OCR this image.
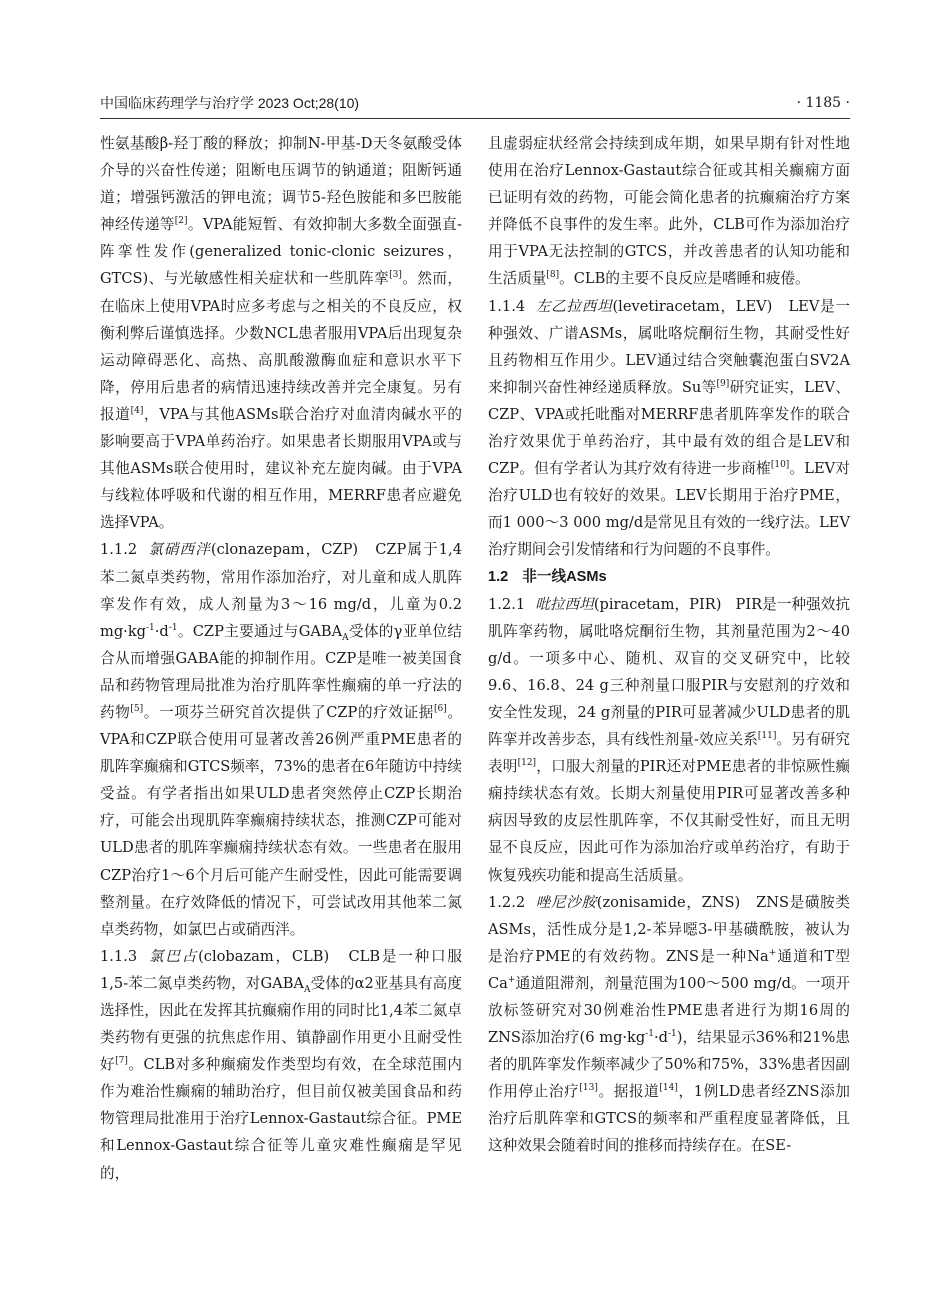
中国临床药理学与治疗学 2023 Oct;28(10)	· 1185 ·

性氨基酸β-羟丁酸的释放；抑制N-甲基-D天冬氨酸受体介导的兴奋性传递；阻断电压调节的钠通道；阻断钙通道；增强钙激活的钾电流；调节5-羟色胺能和多巴胺能神经传递等[2]。VPA能短暂、有效抑制大多数全面强直-阵挛性发作(generalized tonic-clonic seizures，GTCS)、与光敏感性相关症状和一些肌阵挛[3]。然而，在临床上使用VPA时应多考虑与之相关的不良反应，权衡利弊后谨慎选择。少数NCL患者服用VPA后出现复杂运动障碍恶化、高热、高肌酸激酶血症和意识水平下降，停用后患者的病情迅速持续改善并完全康复。另有报道[4]，VPA与其他ASMs联合治疗对血清肉碱水平的影响要高于VPA单药治疗。如果患者长期服用VPA或与其他ASMs联合使用时，建议补充左旋肉碱。由于VPA与线粒体呼吸和代谢的相互作用，MERRF患者应避免选择VPA。

1.1.2 氯硝西泮(clonazepam，CZP) CZP属于1,4苯二氮卓类药物，常用作添加治疗，对儿童和成人肌阵挛发作有效，成人剂量为3～16 mg/d，儿童为0.2 $mg\cdot kg^{-1}\cdot d^{-1}$。CZP主要通过与$GABA_A$受体的γ亚单位结合从而增强GABA能的抑制作用。CZP是唯一被美国食品和药物管理局批准为治疗肌阵挛性癫痫的单一疗法的药物[5]。一项芬兰研究首次提供了CZP的疗效证据[6]。VPA和CZP联合使用可显著改善26例严重PME患者的肌阵挛癫痫和GTCS频率，73%的患者在6年随访中持续受益。有学者指出如果ULD患者突然停止CZP长期治疗，可能会出现肌阵挛癫痫持续状态，推测CZP可能对ULD患者的肌阵挛癫痫持续状态有效。一些患者在服用CZP治疗1～6个月后可能产生耐受性，因此可能需要调整剂量。在疗效降低的情况下，可尝试改用其他苯二氮卓类药物，如氯巴占或硝西泮。

1.1.3 氯巴占(clobazam，CLB) CLB是一种口服1,5-苯二氮卓类药物，对$GABA_A$受体的α2亚基具有高度选择性，因此在发挥其抗癫痫作用的同时比1,4苯二氮卓类药物有更强的抗焦虑作用、镇静副作用更小且耐受性好[7]。CLB对多种癫痫发作类型均有效，在全球范围内作为难治性癫痫的辅助治疗，但目前仅被美国食品和药物管理局批准用于治疗Lennox-Gastaut综合征。PME和Lennox-Gastaut综合征等儿童灾难性癫痫是罕见的，

且虚弱症状经常会持续到成年期，如果早期有针对性地使用在治疗Lennox-Gastaut综合征或其相关癫痫方面已证明有效的药物，可能会简化患者的抗癫痫治疗方案并降低不良事件的发生率。此外，CLB可作为添加治疗用于VPA无法控制的GTCS，并改善患者的认知功能和生活质量[8]。CLB的主要不良反应是嗜睡和疲倦。

1.1.4 左乙拉西坦(levetiracetam，LEV) LEV是一种强效、广谱ASMs，属吡咯烷酮衍生物，其耐受性好且药物相互作用少。LEV通过结合突触囊泡蛋白SV2A来抑制兴奋性神经递质释放。Su等[9]研究证实，LEV、CZP、VPA或托吡酯对MERRF患者肌阵挛发作的联合治疗效果优于单药治疗，其中最有效的组合是LEV和CZP。但有学者认为其疗效有待进一步商榷[10]。LEV对治疗ULD也有较好的效果。LEV长期用于治疗PME，而1 000～3 000 mg/d是常见且有效的一线疗法。LEV治疗期间会引发情绪和行为问题的不良事件。

1.2 非一线ASMs

1.2.1 吡拉西坦(piracetam，PIR) PIR是一种强效抗肌阵挛药物，属吡咯烷酮衍生物，其剂量范围为2～40 g/d。一项多中心、随机、双盲的交叉研究中，比较9.6、16.8、24 g三种剂量口服PIR与安慰剂的疗效和安全性发现，24 g剂量的PIR可显著减少ULD患者的肌阵挛并改善步态，具有线性剂量-效应关系[11]。另有研究表明[12]，口服大剂量的PIR还对PME患者的非惊厥性癫痫持续状态有效。长期大剂量使用PIR可显著改善多种病因导致的皮层性肌阵挛，不仅其耐受性好，而且无明显不良反应，因此可作为添加治疗或单药治疗，有助于恢复残疾功能和提高生活质量。

1.2.2 唑尼沙胺(zonisamide，ZNS) ZNS是磺胺类ASMs，活性成分是1,2-苯异噁3-甲基磺酰胺，被认为是治疗PME的有效药物。ZNS是一种Na+通道和T型Ca+通道阻滞剂，剂量范围为100～500 mg/d。一项开放标签研究对30例难治性PME患者进行为期16周的ZNS添加治疗(6 $mg\cdot kg^{-1}\cdot d^{-1}$)，结果显示36%和21%患者的肌阵挛发作频率减少了50%和75%，33%患者因副作用停止治疗[13]。据报道[14]，1例LD患者经ZNS添加治疗后肌阵挛和GTCS的频率和严重程度显著降低，且这种效果会随着时间的推移而持续存在。在SE-
